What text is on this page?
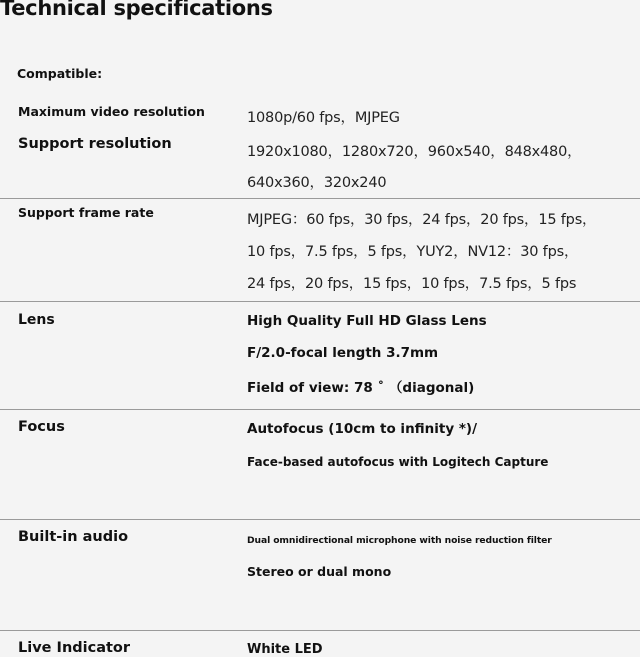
Technical specifications
Compatible:
Maximum video resolution	1080p/60 fps，MJPEG
Support resolution	1920x1080，1280x720，960x540，848x480，
640x360，320x240
Support frame rate	MJPEG：60 fps，30 fps，24 fps，20 fps，15 fps，
10 fps，7.5 fps，5 fps，YUY2，NV12：30 fps，
24 fps，20 fps，15 fps，10 fps，7.5 fps，5 fps
Lens	High Quality Full HD Glass Lens
F/2.0-focal length 3.7mm
Field of view: 78 ˚ （diagonal)
Focus	Autofocus (10cm to infinity *)/
Face-based autofocus with Logitech Capture
Built-in audio	Dual omnidirectional microphone with noise reduction filter
Stereo or dual mono
Live Indicator	White LED
